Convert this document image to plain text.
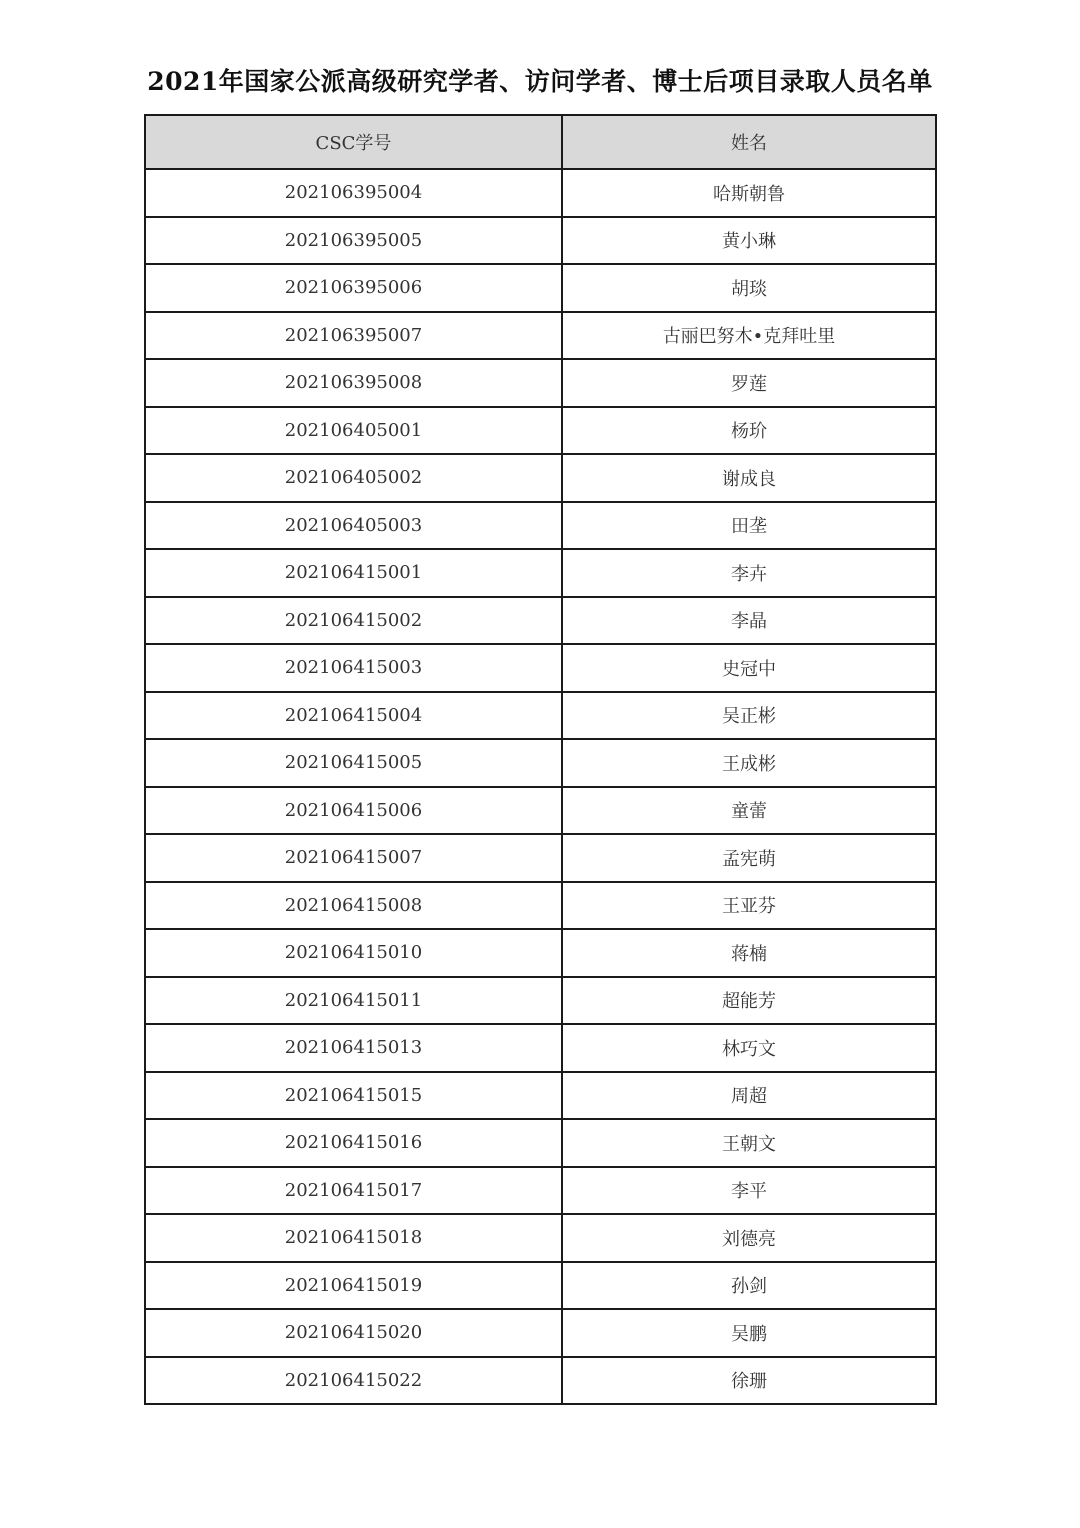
2021年国家公派高级研究学者、访问学者、博士后项目录取人员名单
CSC学号	姓名
202106395004	哈斯朝鲁
202106395005	黄小琳
202106395006	胡琰
202106395007	古丽巴努木•克拜吐里
202106395008	罗莲
202106405001	杨玠
202106405002	谢成良
202106405003	田垄
202106415001	李卉
202106415002	李晶
202106415003	史冠中
202106415004	吴正彬
202106415005	王成彬
202106415006	童蕾
202106415007	孟宪萌
202106415008	王亚芬
202106415010	蒋楠
202106415011	超能芳
202106415013	林巧文
202106415015	周超
202106415016	王朝文
202106415017	李平
202106415018	刘德亮
202106415019	孙剑
202106415020	吴鹏
202106415022	徐珊
